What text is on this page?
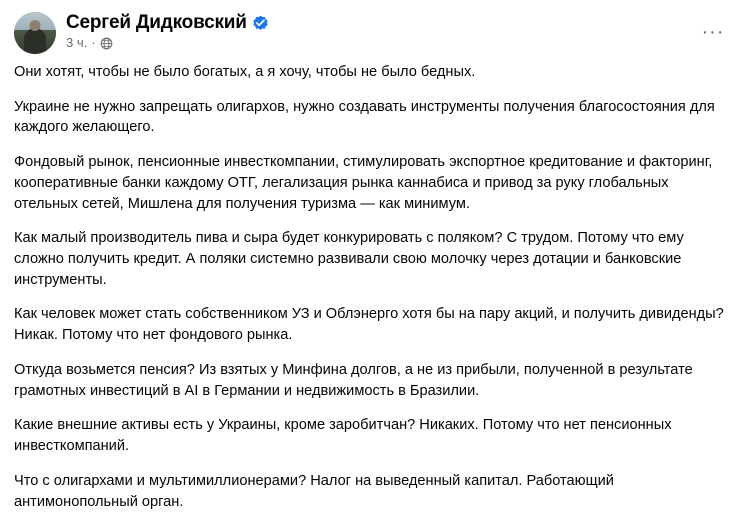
Сергей Дидковский
3 ч. ·	···

Они хотят, чтобы не было богатых, а я хочу, чтобы не было бедных.

Украине не нужно запрещать олигархов, нужно создавать инструменты получения благосостояния для каждого желающего.

Фондовый рынок, пенсионные инвесткомпании, стимулировать экспортное кредитование и факторинг, кооперативные банки каждому ОТГ, легализация рынка каннабиса и привод за руку глобальных отельных сетей, Мишлена для получения туризма — как минимум.

Как малый производитель пива и сыра будет конкурировать с поляком? С трудом. Потому что ему сложно получить кредит. А поляки системно развивали свою молочку через дотации и банковские инструменты.

Как человек может стать собственником УЗ и Облэнерго хотя бы на пару акций, и получить дивиденды? Никак. Потому что нет фондового рынка.

Откуда возьмется пенсия? Из взятых у Минфина долгов, а не из прибыли, полученной в результате грамотных инвестиций в AI в Германии и недвижимость в Бразилии.

Какие внешние активы есть у Украины, кроме заробитчан? Никаких. Потому что нет пенсионных инвесткомпаний.

Что с олигархами и мультимиллионерами? Налог на выведенный капитал. Работающий антимонопольный орган.
